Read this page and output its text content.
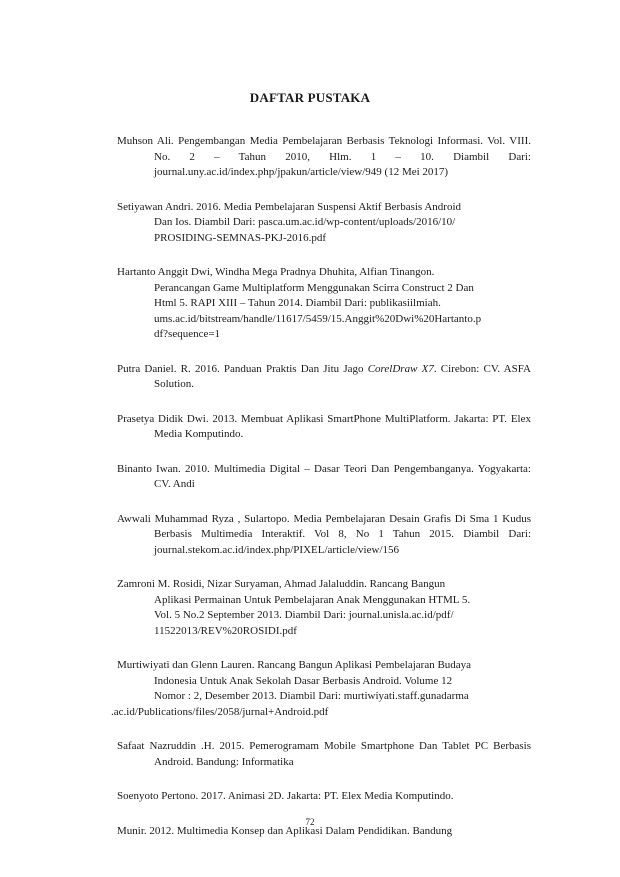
DAFTAR PUSTAKA

Muhson Ali. Pengembangan Media Pembelajaran Berbasis Teknologi Informasi. Vol. VIII. No. 2 – Tahun 2010, Hlm. 1 – 10. Diambil Dari: journal.uny.ac.id/index.php/jpakun/article/view/949 (12 Mei 2017)

Setiyawan Andri. 2016. Media Pembelajaran Suspensi Aktif Berbasis Android
Dan Ios. Diambil Dari: pasca.um.ac.id/wp-content/uploads/2016/10/
PROSIDING-SEMNAS-PKJ-2016.pdf

Hartanto Anggit Dwi, Windha Mega Pradnya Dhuhita, Alfian Tinangon.
Perancangan Game Multiplatform Menggunakan Scirra Construct 2 Dan
Html 5. RAPI XIII – Tahun 2014. Diambil Dari: publikasiilmiah.
ums.ac.id/bitstream/handle/11617/5459/15.Anggit%20Dwi%20Hartanto.p
df?sequence=1

Putra Daniel. R. 2016. Panduan Praktis Dan Jitu Jago CorelDraw X7. Cirebon: CV. ASFA Solution.

Prasetya Didik Dwi. 2013. Membuat Aplikasi SmartPhone MultiPlatform. Jakarta: PT. Elex Media Komputindo.

Binanto Iwan. 2010. Multimedia Digital – Dasar Teori Dan Pengembanganya. Yogyakarta: CV. Andi

Awwali Muhammad Ryza , Sulartopo. Media Pembelajaran Desain Grafis Di Sma 1 Kudus Berbasis Multimedia Interaktif. Vol 8, No 1 Tahun 2015. Diambil Dari: journal.stekom.ac.id/index.php/PIXEL/article/view/156

Zamroni M. Rosidi, Nizar Suryaman, Ahmad Jalaluddin. Rancang Bangun
Aplikasi Permainan Untuk Pembelajaran Anak Menggunakan HTML 5.
Vol. 5 No.2 September 2013. Diambil Dari: journal.unisla.ac.id/pdf/
11522013/REV%20ROSIDI.pdf

Murtiwiyati dan Glenn Lauren. Rancang Bangun Aplikasi Pembelajaran Budaya
Indonesia Untuk Anak Sekolah Dasar Berbasis Android. Volume 12
Nomor : 2, Desember 2013. Diambil Dari: murtiwiyati.staff.gunadarma
.ac.id/Publications/files/2058/jurnal+Android.pdf

Safaat Nazruddin .H. 2015. Pemerogramam Mobile Smartphone Dan Tablet PC Berbasis Android. Bandung: Informatika

Soenyoto Pertono. 2017. Animasi 2D. Jakarta: PT. Elex Media Komputindo.

Munir. 2012. Multimedia Konsep dan Aplikasi Dalam Pendidikan. Bandung

72
